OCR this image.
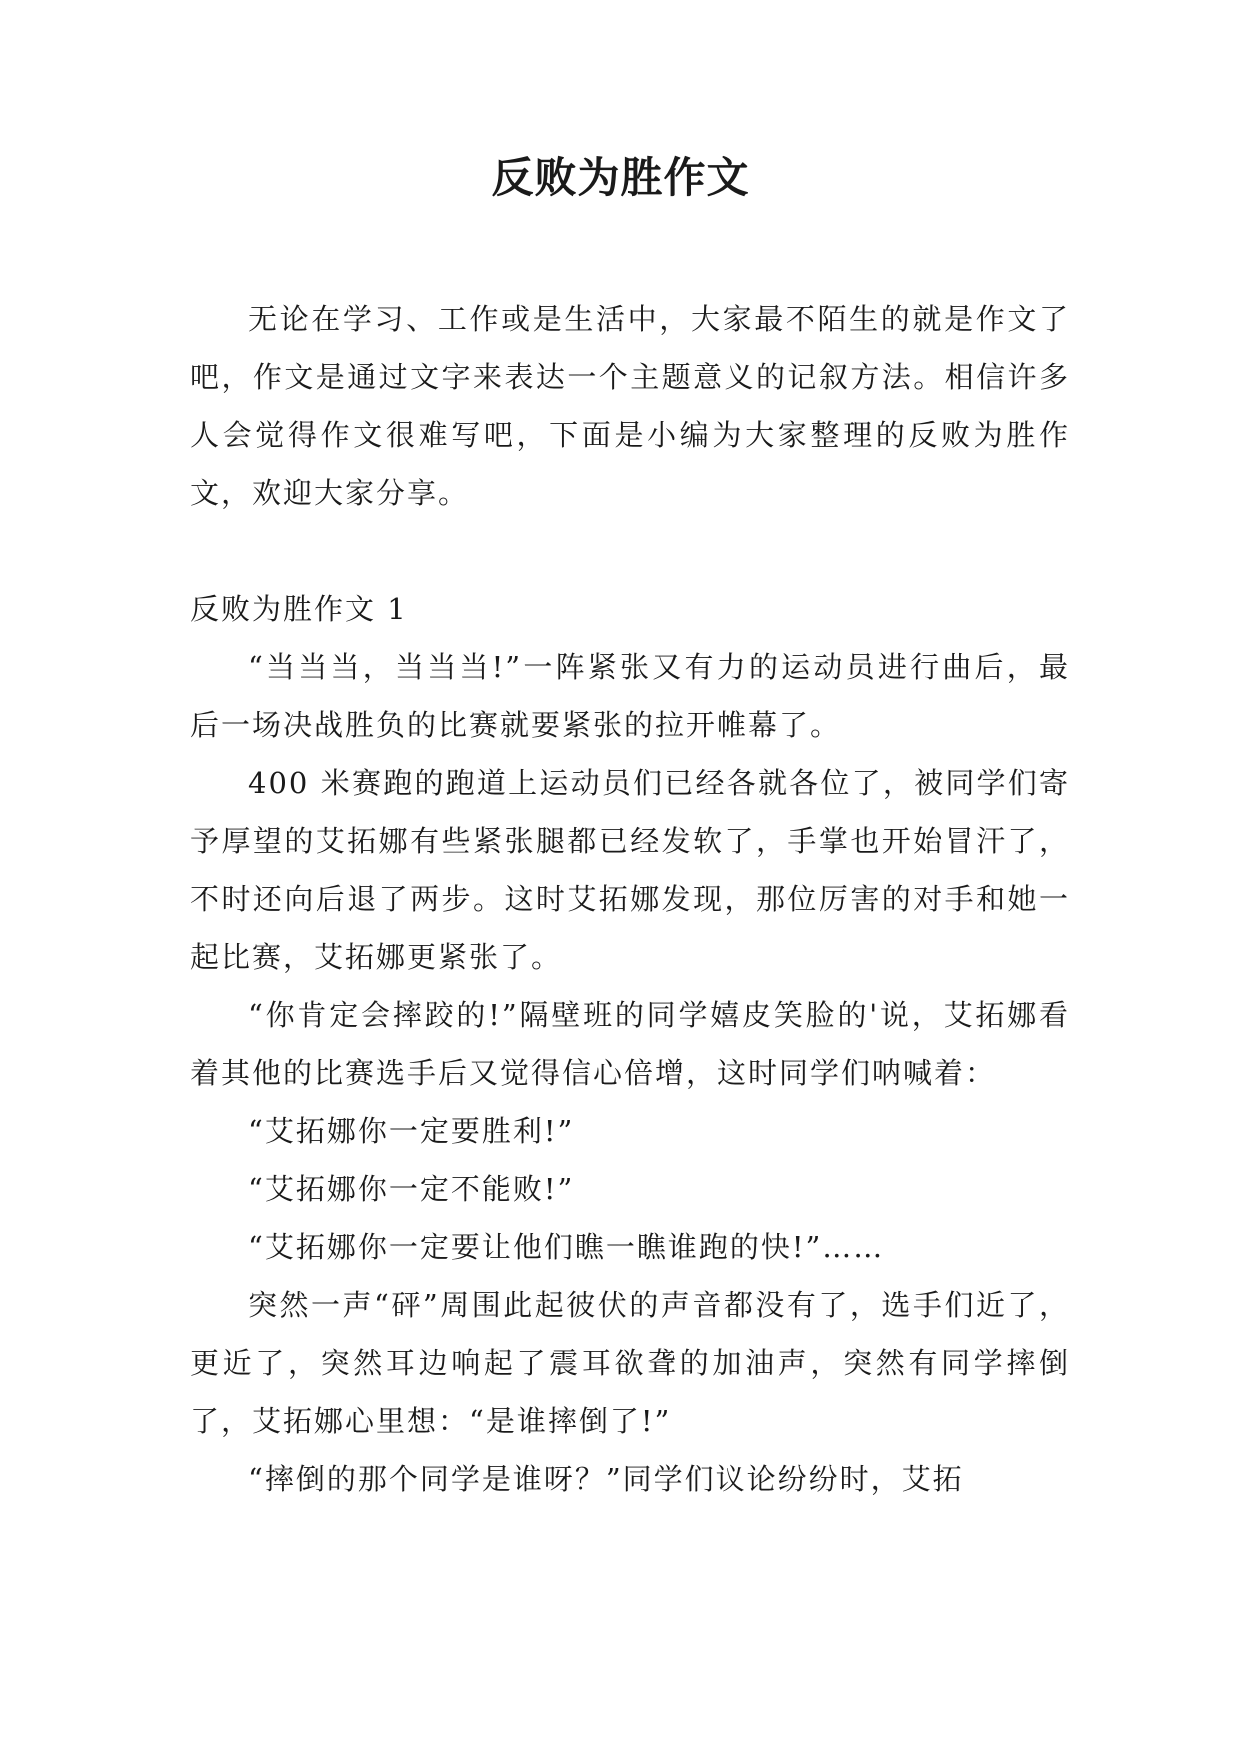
反败为胜作文

无论在学习、工作或是生活中，大家最不陌生的就是作文了吧，作文是通过文字来表达一个主题意义的记叙方法。相信许多人会觉得作文很难写吧，下面是小编为大家整理的反败为胜作文，欢迎大家分享。

反败为胜作文 1

“当当当，当当当!”一阵紧张又有力的运动员进行曲后，最后一场决战胜负的比赛就要紧张的拉开帷幕了。

400 米赛跑的跑道上运动员们已经各就各位了，被同学们寄予厚望的艾拓娜有些紧张腿都已经发软了，手掌也开始冒汗了，不时还向后退了两步。这时艾拓娜发现，那位厉害的对手和她一起比赛，艾拓娜更紧张了。

“你肯定会摔跤的!”隔壁班的同学嬉皮笑脸的'说，艾拓娜看着其他的比赛选手后又觉得信心倍增，这时同学们呐喊着：

“艾拓娜你一定要胜利!”

“艾拓娜你一定不能败!”

“艾拓娜你一定要让他们瞧一瞧谁跑的快!”……

突然一声“砰”周围此起彼伏的声音都没有了，选手们近了，更近了，突然耳边响起了震耳欲聋的加油声，突然有同学摔倒了，艾拓娜心里想：“是谁摔倒了!”

“摔倒的那个同学是谁呀？”同学们议论纷纷时，艾拓
